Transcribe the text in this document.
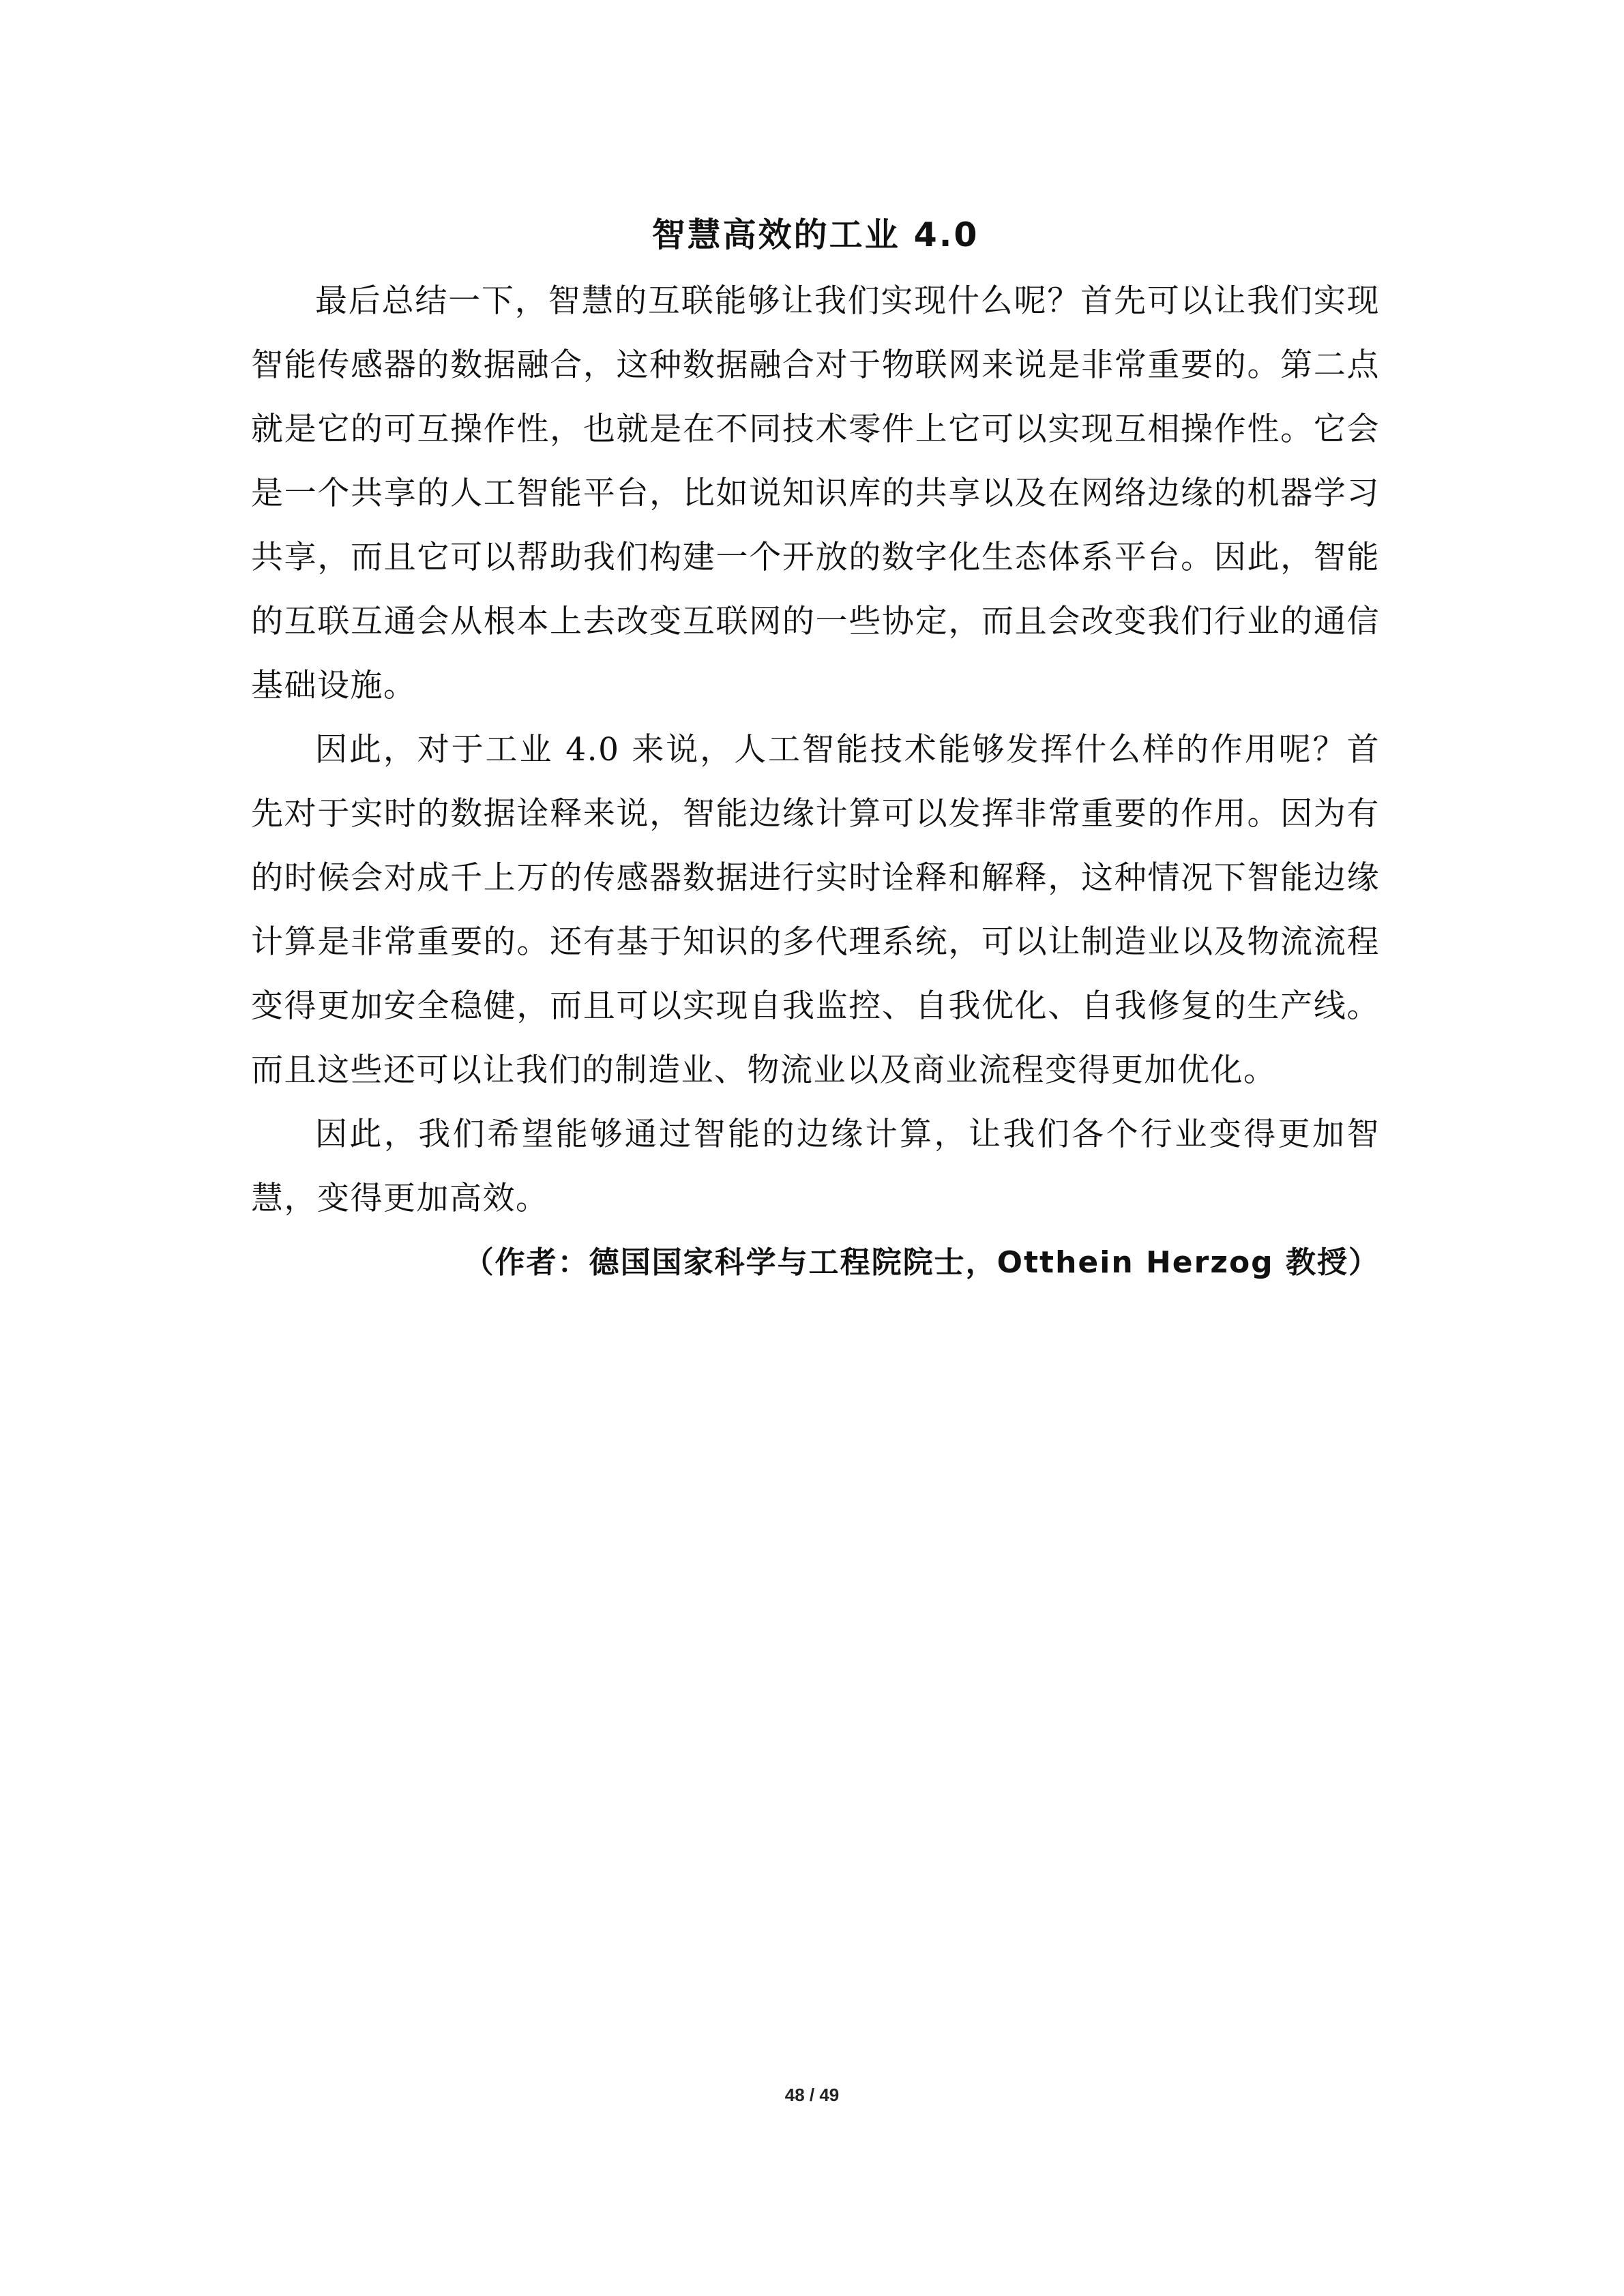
智慧高效的工业 4.0

最后总结一下，智慧的互联能够让我们实现什么呢？首先可以让我们实现智能传感器的数据融合，这种数据融合对于物联网来说是非常重要的。第二点就是它的可互操作性，也就是在不同技术零件上它可以实现互相操作性。它会是一个共享的人工智能平台，比如说知识库的共享以及在网络边缘的机器学习共享，而且它可以帮助我们构建一个开放的数字化生态体系平台。因此，智能的互联互通会从根本上去改变互联网的一些协定，而且会改变我们行业的通信基础设施。

因此，对于工业 4.0 来说，人工智能技术能够发挥什么样的作用呢？首先对于实时的数据诠释来说，智能边缘计算可以发挥非常重要的作用。因为有的时候会对成千上万的传感器数据进行实时诠释和解释，这种情况下智能边缘计算是非常重要的。还有基于知识的多代理系统，可以让制造业以及物流流程变得更加安全稳健，而且可以实现自我监控、自我优化、自我修复的生产线。而且这些还可以让我们的制造业、物流业以及商业流程变得更加优化。

因此，我们希望能够通过智能的边缘计算，让我们各个行业变得更加智慧，变得更加高效。

（作者：德国国家科学与工程院院士，Otthein Herzog 教授）

48 / 49
